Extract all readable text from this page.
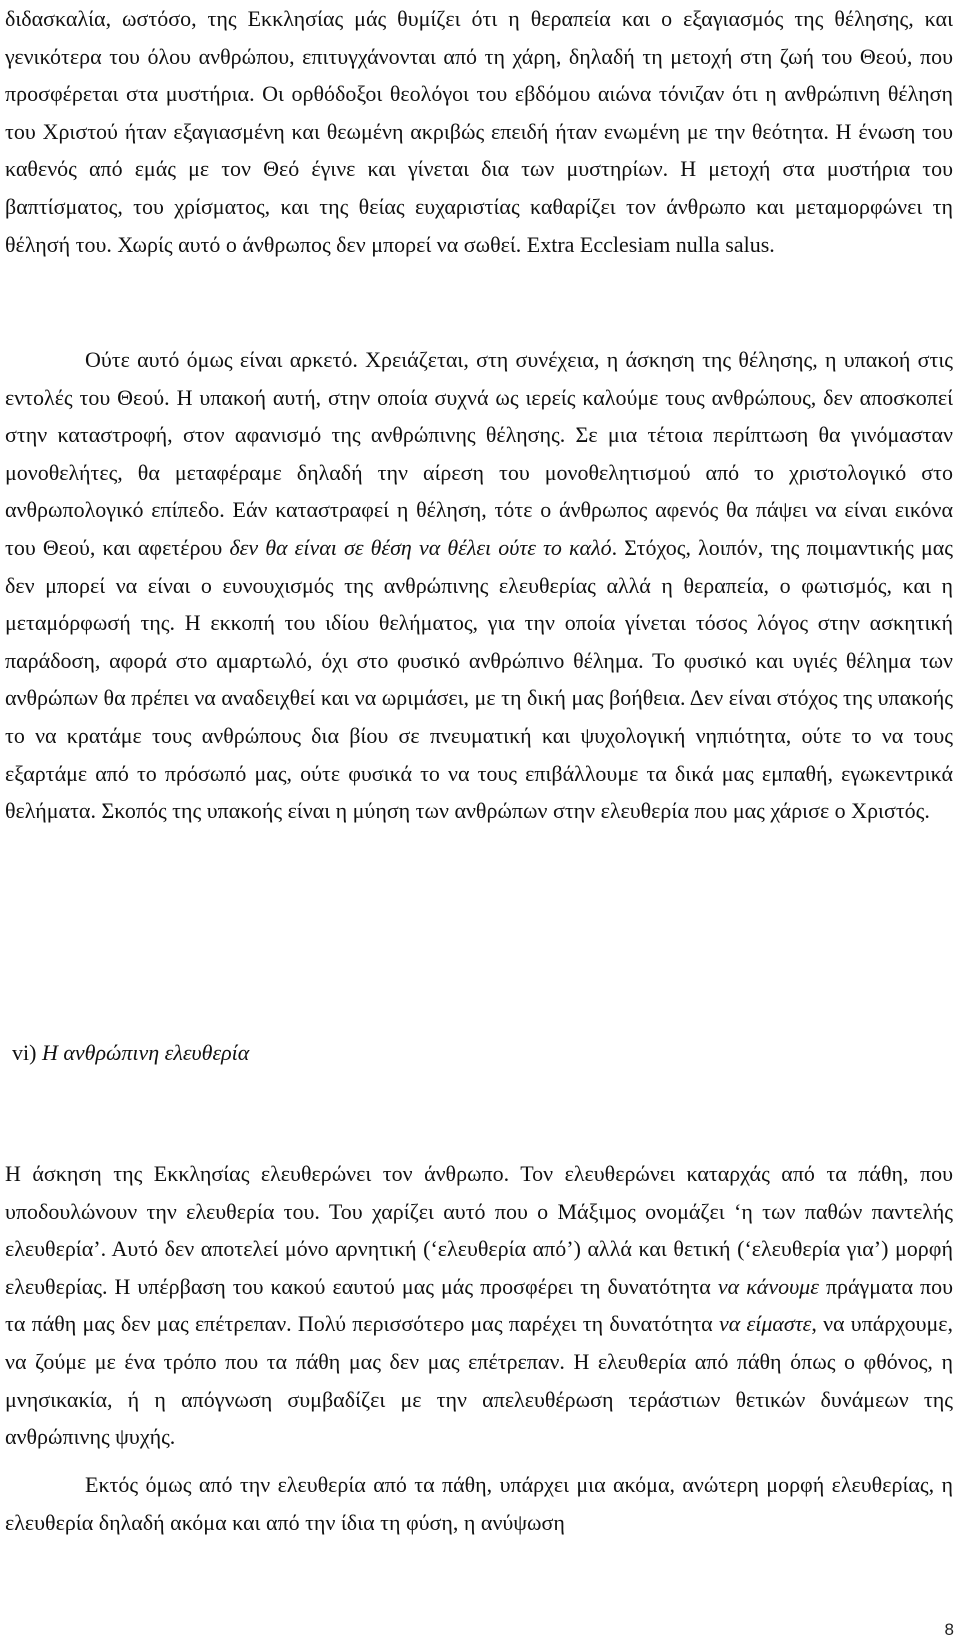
διδασκαλία, ωστόσο, της Εκκλησίας μάς θυμίζει ότι η θεραπεία και ο εξαγιασμός της θέλησης, και γενικότερα του όλου ανθρώπου, επιτυγχάνονται από τη χάρη, δηλαδή τη μετοχή στη ζωή του Θεού, που προσφέρεται στα μυστήρια. Οι ορθόδοξοι θεολόγοι του εβδόμου αιώνα τόνιζαν ότι η ανθρώπινη θέληση του Χριστού ήταν εξαγιασμένη και θεωμένη ακριβώς επειδή ήταν ενωμένη με την θεότητα. Η ένωση του καθενός από εμάς με τον Θεό έγινε και γίνεται δια των μυστηρίων. Η μετοχή στα μυστήρια του βαπτίσματος, του χρίσματος, και της θείας ευχαριστίας καθαρίζει τον άνθρωπο και μεταμορφώνει τη θέλησή του. Χωρίς αυτό ο άνθρωπος δεν μπορεί να σωθεί. Extra Ecclesiam nulla salus.

Ούτε αυτό όμως είναι αρκετό. Χρειάζεται, στη συνέχεια, η άσκηση της θέλησης, η υπακοή στις εντολές του Θεού. Η υπακοή αυτή, στην οποία συχνά ως ιερείς καλούμε τους ανθρώπους, δεν αποσκοπεί στην καταστροφή, στον αφανισμό της ανθρώπινης θέλησης. Σε μια τέτοια περίπτωση θα γινόμασταν μονοθελήτες, θα μεταφέραμε δηλαδή την αίρεση του μονοθελητισμού από το χριστολογικό στο ανθρωπολογικό επίπεδο. Εάν καταστραφεί η θέληση, τότε ο άνθρωπος αφενός θα πάψει να είναι εικόνα του Θεού, και αφετέρου δεν θα είναι σε θέση να θέλει ούτε το καλό. Στόχος, λοιπόν, της ποιμαντικής μας δεν μπορεί να είναι ο ευνουχισμός της ανθρώπινης ελευθερίας αλλά η θεραπεία, ο φωτισμός, και η μεταμόρφωσή της. Η εκκοπή του ιδίου θελήματος, για την οποία γίνεται τόσος λόγος στην ασκητική παράδοση, αφορά στο αμαρτωλό, όχι στο φυσικό ανθρώπινο θέλημα. Το φυσικό και υγιές θέλημα των ανθρώπων θα πρέπει να αναδειχθεί και να ωριμάσει, με τη δική μας βοήθεια. Δεν είναι στόχος της υπακοής το να κρατάμε τους ανθρώπους δια βίου σε πνευματική και ψυχολογική νηπιότητα, ούτε το να τους εξαρτάμε από το πρόσωπό μας, ούτε φυσικά το να τους επιβάλλουμε τα δικά μας εμπαθή, εγωκεντρικά θελήματα. Σκοπός της υπακοής είναι η μύηση των ανθρώπων στην ελευθερία που μας χάρισε ο Χριστός.

vi) Η ανθρώπινη ελευθερία

Η άσκηση της Εκκλησίας ελευθερώνει τον άνθρωπο. Τον ελευθερώνει καταρχάς από τα πάθη, που υποδουλώνουν την ελευθερία του. Του χαρίζει αυτό που ο Μάξιμος ονομάζει ‘η των παθών παντελής ελευθερία’. Αυτό δεν αποτελεί μόνο αρνητική (‘ελευθερία από’) αλλά και θετική (‘ελευθερία για’) μορφή ελευθερίας. Η υπέρβαση του κακού εαυτού μας μάς προσφέρει τη δυνατότητα να κάνουμε πράγματα που τα πάθη μας δεν μας επέτρεπαν. Πολύ περισσότερο μας παρέχει τη δυνατότητα να είμαστε, να υπάρχουμε, να ζούμε με ένα τρόπο που τα πάθη μας δεν μας επέτρεπαν. Η ελευθερία από πάθη όπως ο φθόνος, η μνησικακία, ή η απόγνωση συμβαδίζει με την απελευθέρωση τεράστιων θετικών δυνάμεων της ανθρώπινης ψυχής.

Εκτός όμως από την ελευθερία από τα πάθη, υπάρχει μια ακόμα, ανώτερη μορφή ελευθερίας, η ελευθερία δηλαδή ακόμα και από την ίδια τη φύση, η ανύψωση

8
